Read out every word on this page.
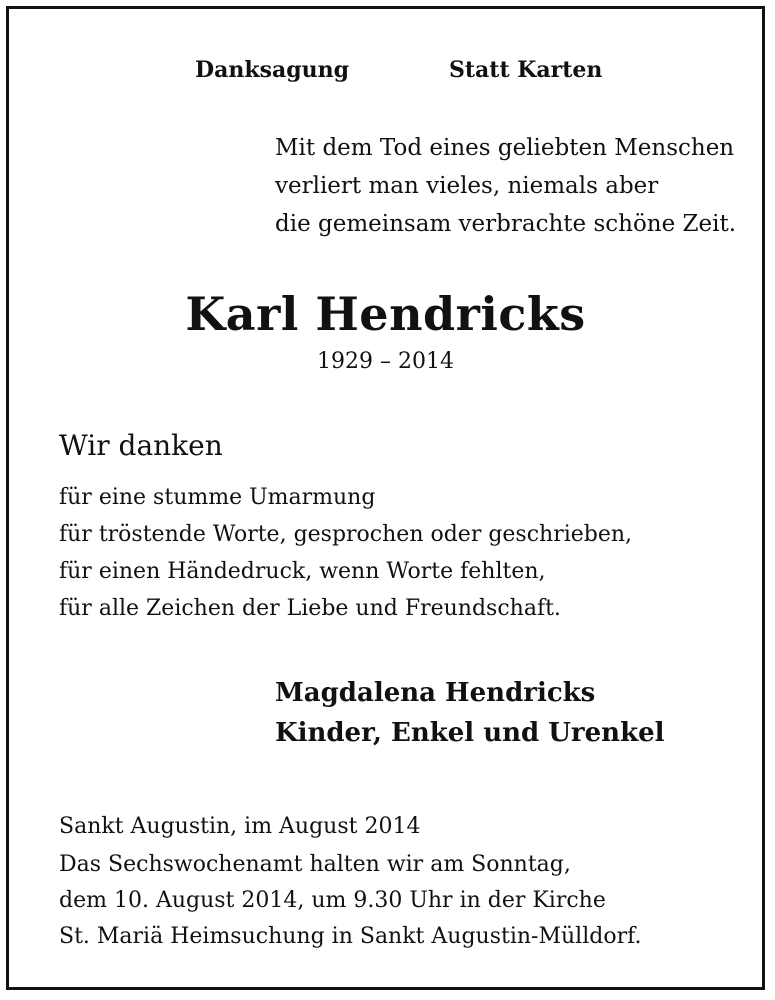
Danksagung	Statt Karten
Mit dem Tod eines geliebten Menschen
verliert man vieles, niemals aber
die gemeinsam verbrachte schöne Zeit.
Karl Hendricks
1929 – 2014
Wir danken
für eine stumme Umarmung
für tröstende Worte, gesprochen oder geschrieben,
für einen Händedruck, wenn Worte fehlten,
für alle Zeichen der Liebe und Freundschaft.
Magdalena Hendricks
Kinder, Enkel und Urenkel
Sankt Augustin, im August 2014
Das Sechswochenamt halten wir am Sonntag,
dem 10. August 2014, um 9.30 Uhr in der Kirche
St. Mariä Heimsuchung in Sankt Augustin-Mülldorf.
